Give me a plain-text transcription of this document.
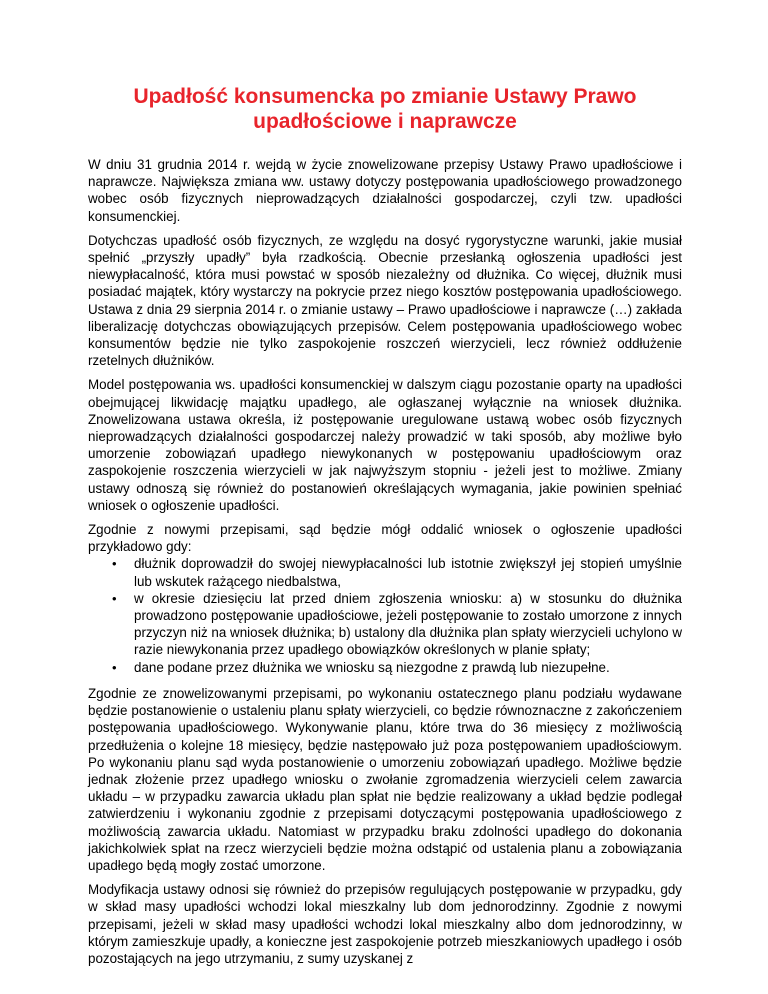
Upadłość konsumencka po zmianie Ustawy Prawo
upadłościowe i naprawcze

W dniu 31 grudnia 2014 r. wejdą w życie znowelizowane przepisy Ustawy Prawo upadłościowe i naprawcze. Największa zmiana ww. ustawy dotyczy postępowania upadłościowego prowadzonego wobec osób fizycznych nieprowadzących działalności gospodarczej, czyli tzw. upadłości konsumenckiej.

Dotychczas upadłość osób fizycznych, ze względu na dosyć rygorystyczne warunki, jakie musiał spełnić „przyszły upadły” była rzadkością. Obecnie przesłanką ogłoszenia upadłości jest niewypłacalność, która musi powstać w sposób niezależny od dłużnika. Co więcej, dłużnik musi posiadać majątek, który wystarczy na pokrycie przez niego kosztów postępowania upadłościowego. Ustawa z dnia 29 sierpnia 2014 r. o zmianie ustawy – Prawo upadłościowe i naprawcze (…) zakłada liberalizację dotychczas obowiązujących przepisów. Celem postępowania upadłościowego wobec konsumentów będzie nie tylko zaspokojenie roszczeń wierzycieli, lecz również oddłużenie rzetelnych dłużników.

Model postępowania ws. upadłości konsumenckiej w dalszym ciągu pozostanie oparty na upadłości obejmującej likwidację majątku upadłego, ale ogłaszanej wyłącznie na wniosek dłużnika. Znowelizowana ustawa określa, iż postępowanie uregulowane ustawą wobec osób fizycznych nieprowadzących działalności gospodarczej należy prowadzić w taki sposób, aby możliwe było umorzenie zobowiązań upadłego niewykonanych w postępowaniu upadłościowym oraz zaspokojenie roszczenia wierzycieli w jak najwyższym stopniu - jeżeli jest to możliwe. Zmiany ustawy odnoszą się również do postanowień określających wymagania, jakie powinien spełniać wniosek o ogłoszenie upadłości.

Zgodnie z nowymi przepisami, sąd będzie mógł oddalić wniosek o ogłoszenie upadłości przykładowo gdy:

• dłużnik doprowadził do swojej niewypłacalności lub istotnie zwiększył jej stopień umyślnie lub wskutek rażącego niedbalstwa,
• w okresie dziesięciu lat przed dniem zgłoszenia wniosku: a) w stosunku do dłużnika prowadzono postępowanie upadłościowe, jeżeli postępowanie to zostało umorzone z innych przyczyn niż na wniosek dłużnika; b) ustalony dla dłużnika plan spłaty wierzycieli uchylono w razie niewykonania przez upadłego obowiązków określonych w planie spłaty;
• dane podane przez dłużnika we wniosku są niezgodne z prawdą lub niezupełne.

Zgodnie ze znowelizowanymi przepisami, po wykonaniu ostatecznego planu podziału wydawane będzie postanowienie o ustaleniu planu spłaty wierzycieli, co będzie równoznaczne z zakończeniem postępowania upadłościowego. Wykonywanie planu, które trwa do 36 miesięcy z możliwością przedłużenia o kolejne 18 miesięcy, będzie następowało już poza postępowaniem upadłościowym. Po wykonaniu planu sąd wyda postanowienie o umorzeniu zobowiązań upadłego. Możliwe będzie jednak złożenie przez upadłego wniosku o zwołanie zgromadzenia wierzycieli celem zawarcia układu – w przypadku zawarcia układu plan spłat nie będzie realizowany a układ będzie podlegał zatwierdzeniu i wykonaniu zgodnie z przepisami dotyczącymi postępowania upadłościowego z możliwością zawarcia układu. Natomiast w przypadku braku zdolności upadłego do dokonania jakichkolwiek spłat na rzecz wierzycieli będzie można odstąpić od ustalenia planu a zobowiązania upadłego będą mogły zostać umorzone.

Modyfikacja ustawy odnosi się również do przepisów regulujących postępowanie w przypadku, gdy w skład masy upadłości wchodzi lokal mieszkalny lub dom jednorodzinny. Zgodnie z nowymi przepisami, jeżeli w skład masy upadłości wchodzi lokal mieszkalny albo dom jednorodzinny, w którym zamieszkuje upadły, a konieczne jest zaspokojenie potrzeb mieszkaniowych upadłego i osób pozostających na jego utrzymaniu, z sumy uzyskanej z
